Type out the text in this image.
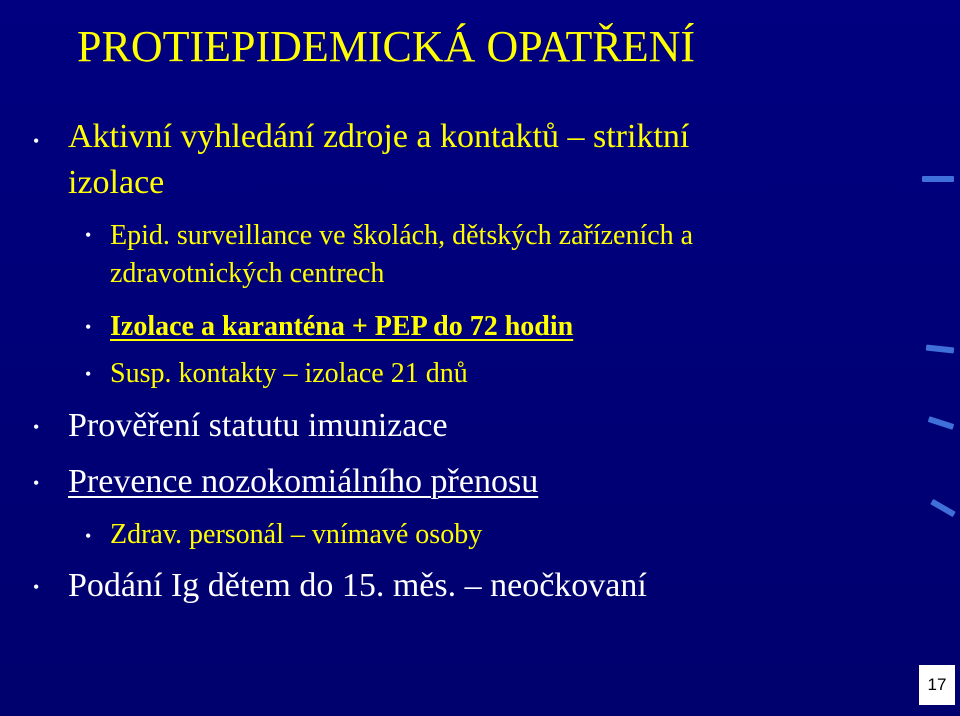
PROTIEPIDEMICKÁ OPATŘENÍ
• Aktivní vyhledání zdroje a kontaktů – striktní
izolace
• Epid. surveillance ve školách, dětských zařízeních a
zdravotnických centrech
• Izolace a karanténa + PEP do 72 hodin
• Susp. kontakty – izolace 21 dnů
• Prověření statutu imunizace
• Prevence nozokomiálního přenosu
• Zdrav. personál – vnímavé osoby
• Podání Ig dětem do 15. měs. – neočkovaní
17
